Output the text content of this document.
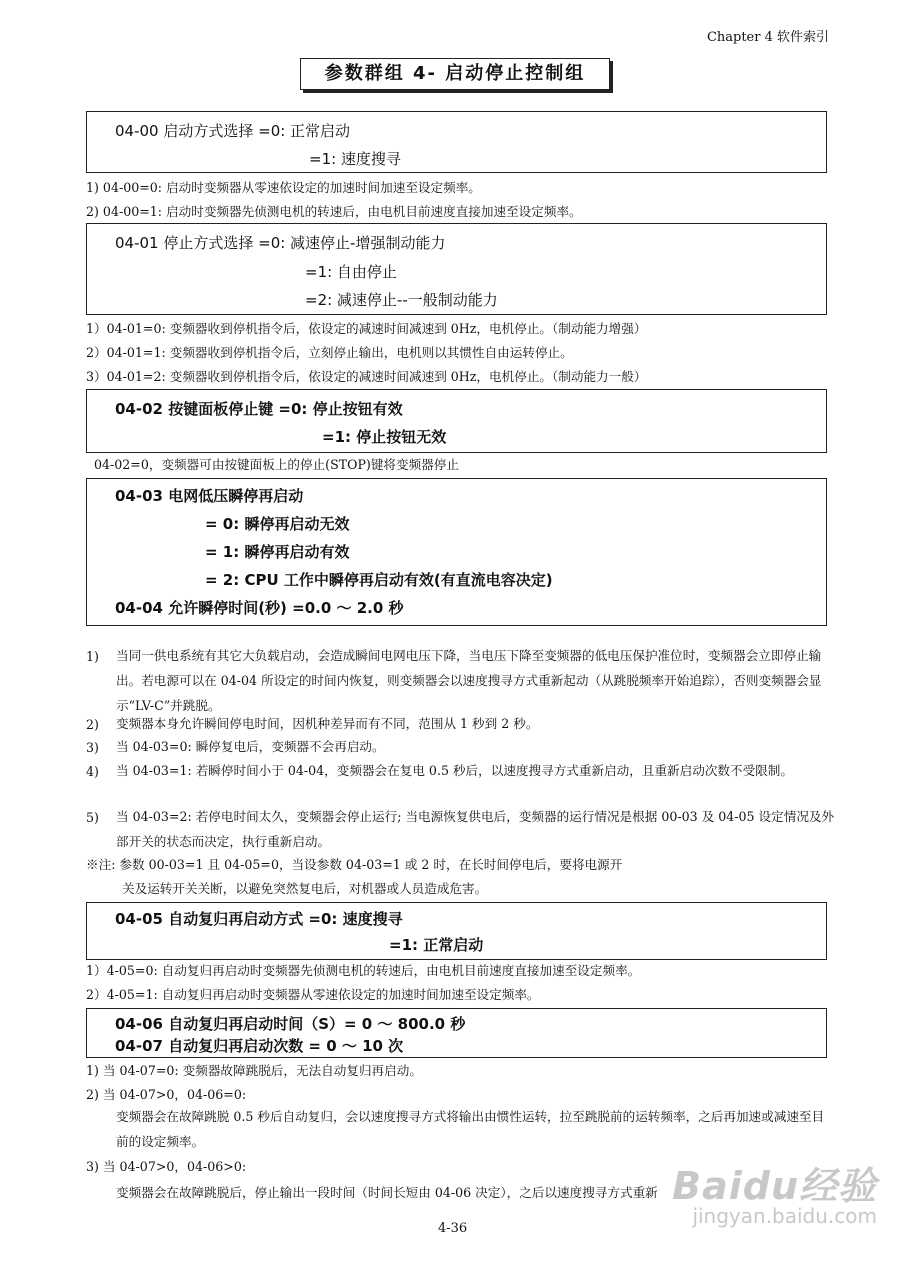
Chapter 4 软件索引
参数群组 4- 启动停止控制组
04-00 启动方式选择 =0: 正常启动
=1: 速度搜寻
1) 04-00=0: 启动时变频器从零速依设定的加速时间加速至设定频率。
2) 04-00=1: 启动时变频器先侦测电机的转速后，由电机目前速度直接加速至设定频率。
04-01 停止方式选择 =0: 减速停止-增强制动能力
=1: 自由停止
=2: 减速停止--一般制动能力
1）04-01=0: 变频器收到停机指令后，依设定的减速时间减速到 0Hz，电机停止。（制动能力增强）
2）04-01=1: 变频器收到停机指令后，立刻停止输出，电机则以其惯性自由运转停止。
3）04-01=2: 变频器收到停机指令后，依设定的减速时间减速到 0Hz，电机停止。（制动能力一般）
04-02 按键面板停止键 =0: 停止按钮有效
=1: 停止按钮无效
04-02=0，变频器可由按键面板上的停止(STOP)键将变频器停止
04-03 电网低压瞬停再启动
= 0: 瞬停再启动无效
= 1: 瞬停再启动有效
= 2: CPU 工作中瞬停再启动有效(有直流电容决定)
04-04 允许瞬停时间(秒) =0.0 ～ 2.0 秒
1) 当同一供电系统有其它大负载启动，会造成瞬间电网电压下降，当电压下降至变频器的低电压保护准位时，变频器会立即停止输出。若电源可以在 04-04 所设定的时间内恢复，则变频器会以速度搜寻方式重新起动（从跳脱频率开始追踪），否则变频器会显示“LV-C”并跳脱。
2) 变频器本身允许瞬间停电时间，因机种差异而有不同，范围从 1 秒到 2 秒。
3) 当 04-03=0: 瞬停复电后，变频器不会再启动。
4) 当 04-03=1: 若瞬停时间小于 04-04，变频器会在复电 0.5 秒后，以速度搜寻方式重新启动，且重新启动次数不受限制。
5) 当 04-03=2: 若停电时间太久，变频器会停止运行; 当电源恢复供电后，变频器的运行情况是根据 00-03 及 04-05 设定情况及外部开关的状态而决定，执行重新启动。
※注: 参数 00-03=1 且 04-05=0，当设参数 04-03=1 或 2 时，在长时间停电后，要将电源开
关及运转开关关断，以避免突然复电后，对机器或人员造成危害。
04-05 自动复归再启动方式 =0: 速度搜寻
=1: 正常启动
1）4-05=0: 自动复归再启动时变频器先侦测电机的转速后，由电机目前速度直接加速至设定频率。
2）4-05=1: 自动复归再启动时变频器从零速依设定的加速时间加速至设定频率。
04-06 自动复归再启动时间（S）= 0 ～ 800.0 秒
04-07 自动复归再启动次数 = 0 ～ 10 次
1) 当 04-07=0: 变频器故障跳脱后，无法自动复归再启动。
2) 当 04-07>0，04-06=0:
变频器会在故障跳脱 0.5 秒后自动复归，会以速度搜寻方式将输出由惯性运转，拉至跳脱前的运转频率，之后再加速或减速至目前的设定频率。
3) 当 04-07>0，04-06>0:
变频器会在故障跳脱后，停止输出一段时间（时间长短由 04-06 决定），之后以速度搜寻方式重新
4-36
Baidu经验
jingyan.baidu.com
